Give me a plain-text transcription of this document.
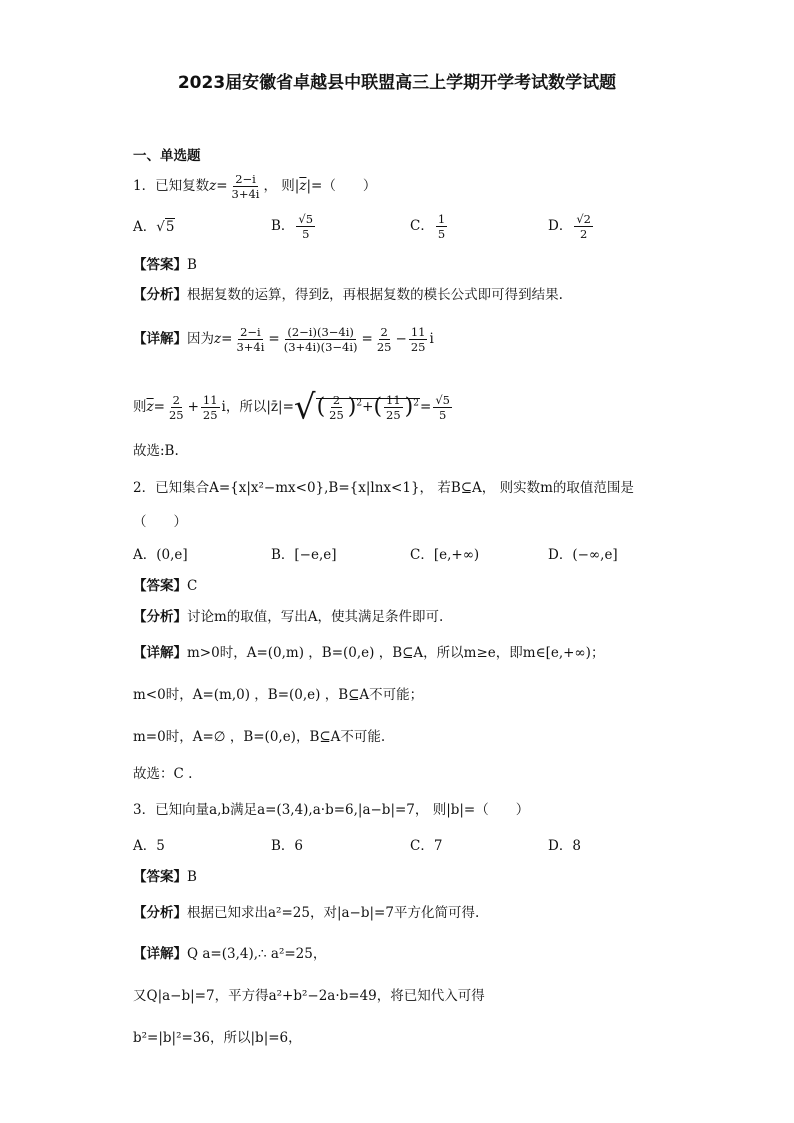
2023届安徽省卓越县中联盟高三上学期开学考试数学试题
一、单选题
1．已知复数$z= \frac{2-i}{3+4i}$ ， 则$|\overline{z}|=$（　　）
A．√5	B． $\frac{√5}{5}$	C． $\frac{1}{5}$	D． $\frac{√2}{2}$
【答案】B
【分析】根据复数的运算，得到z̄，再根据复数的模长公式即可得到结果.
【详解】因为$z= \frac{2-i}{3+4i} = \frac{(2-i)(3-4i)}{(3+4i)(3-4i)} = \frac{2}{25} - \frac{11}{25}$ i
则$\overline{z}= \frac{2}{25} + \frac{11}{25}$ i，所以|z̄|=√( $\frac{2}{25} )^2+( \frac{11}{25} )^2= \frac{√5}{5}$
故选:B.
2．已知集合A={x|x²−mx<0},B={x|lnx<1}， 若B⊆A， 则实数m的取值范围是
（　　）
A．(0,e]	B．[−e,e]	C．[e,+∞)	D．(−∞,e]
【答案】C
【分析】讨论m的取值，写出A，使其满足条件即可.
【详解】m>0时，A=(0,m) ，B=(0,e) ，B⊆A，所以m≥e，即m∈[e,+∞)；
m<0时，A=(m,0) ，B=(0,e) ，B⊆A不可能；
m=0时，A=∅ ，B=(0,e)，B⊆A不可能.
故选：C .
3．已知向量a,b满足a=(3,4),a·b=6,|a−b|=7， 则|b|=（　　）
A．5	B．6	C．7	D．8
【答案】B
【分析】根据已知求出a²=25，对|a−b|=7平方化简可得.
【详解】Q a=(3,4),∴ a²=25，
又Q|a−b|=7，平方得a²+b²−2a·b=49，将已知代入可得
b²=|b|²=36，所以|b|=6，
